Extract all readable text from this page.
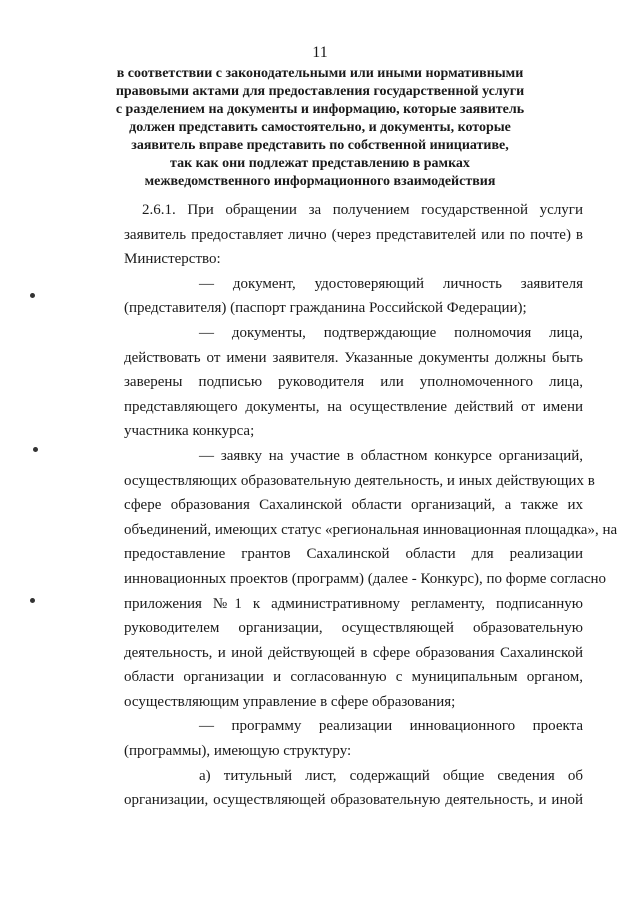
11
в соответствии с законодательными или иными нормативными
правовыми актами для предоставления государственной услуги
с разделением на документы и информацию, которые заявитель
должен представить самостоятельно, и документы, которые
заявитель вправе представить по собственной инициативе,
так как они подлежат представлению в рамках
межведомственного информационного взаимодействия
2.6.1. При обращении за получением государственной услуги
заявитель предоставляет лично (через представителей или по почте) в
Министерство:
— документ, удостоверяющий личность заявителя
(представителя) (паспорт гражданина Российской Федерации);
— документы, подтверждающие полномочия лица,
действовать от имени заявителя. Указанные документы должны быть
заверены подписью руководителя или уполномоченного лица,
представляющего документы, на осуществление действий от имени
участника конкурса;
— заявку на участие в областном конкурсе организаций,
осуществляющих образовательную деятельность, и иных действующих в
сфере образования Сахалинской области организаций, а также их
объединений, имеющих статус «региональная инновационная площадка», на
предоставление грантов Сахалинской области для реализации
инновационных проектов (программ) (далее - Конкурс), по форме согласно
приложения №1 к административному регламенту, подписанную
руководителем организации, осуществляющей образовательную
деятельность, и иной действующей в сфере образования Сахалинской
области организации и согласованную с муниципальным органом,
осуществляющим управление в сфере образования;
— программу реализации инновационного проекта
(программы), имеющую структуру:
а) титульный лист, содержащий общие сведения об
организации, осуществляющей образовательную деятельность, и иной
